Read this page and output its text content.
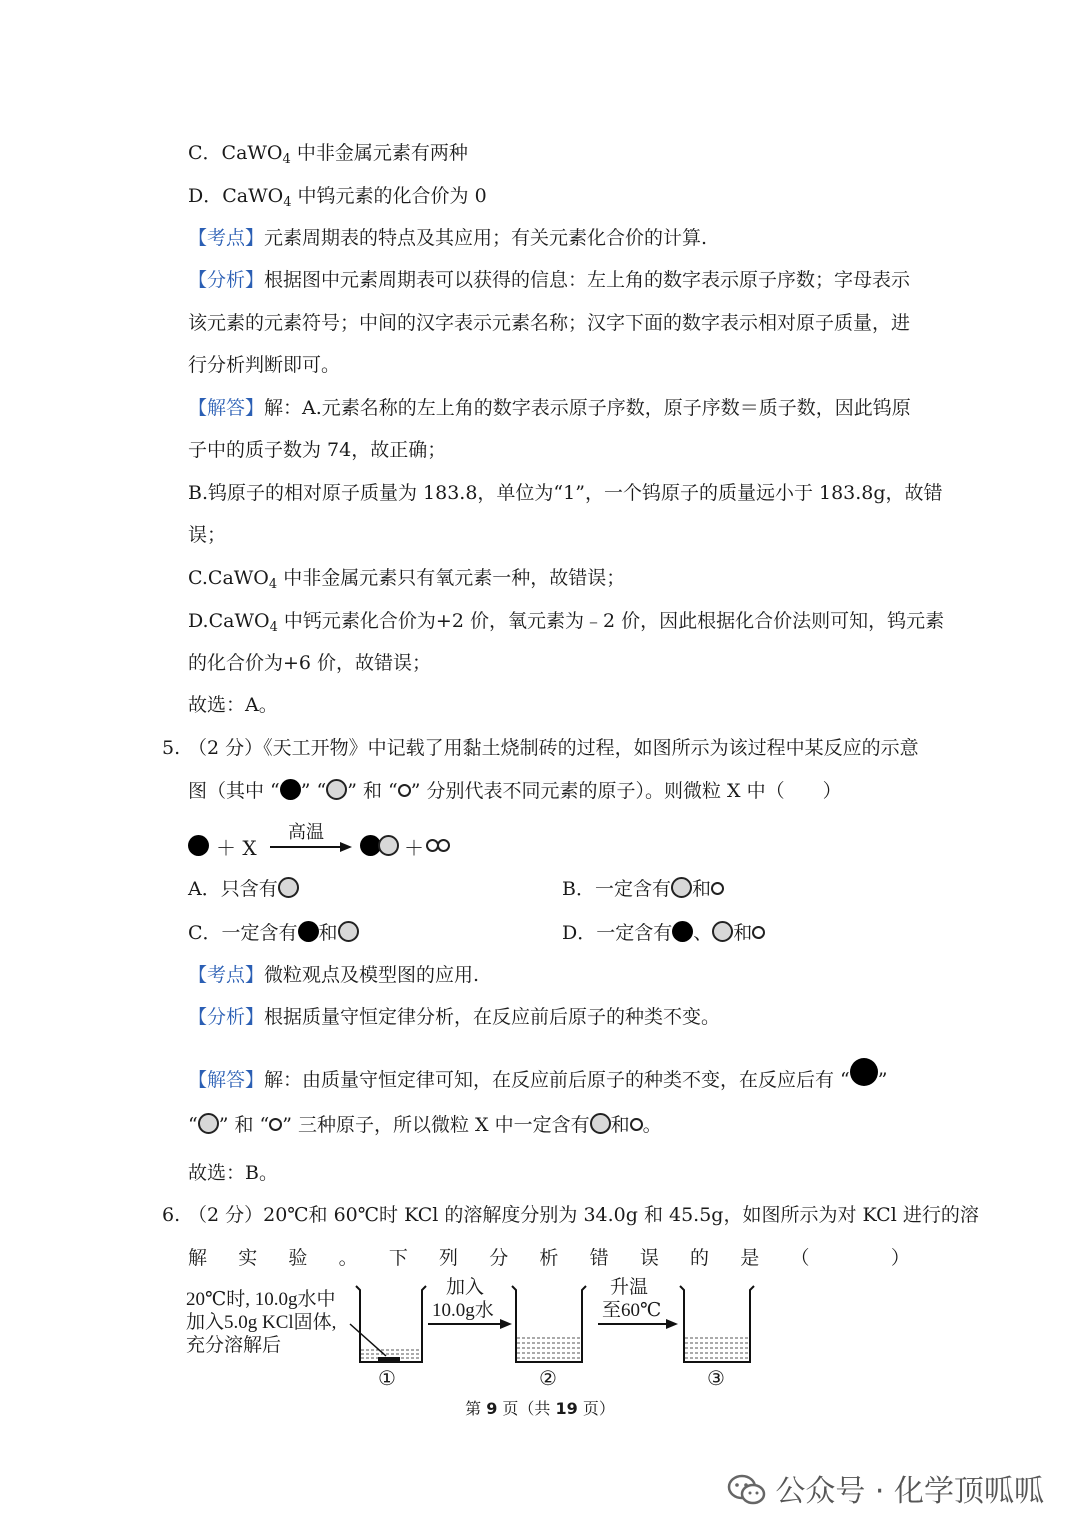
C．CaWO$_4$ 中非金属元素有两种
D．CaWO$_4$ 中钨元素的化合价为 0
【考点】元素周期表的特点及其应用；有关元素化合价的计算.
【分析】根据图中元素周期表可以获得的信息：左上角的数字表示原子序数；字母表示
该元素的元素符号；中间的汉字表示元素名称；汉字下面的数字表示相对原子质量，进
行分析判断即可。
【解答】解：A.元素名称的左上角的数字表示原子序数，原子序数＝质子数，因此钨原
子中的质子数为 74，故正确；
B.钨原子的相对原子质量为 183.8，单位为“1”，一个钨原子的质量远小于 183.8g，故错
误；
C.CaWO$_4$ 中非金属元素只有氧元素一种，故错误；
D.CaWO$_4$ 中钙元素化合价为+2 价，氧元素为﹣2 价，因此根据化合价法则可知，钨元素
的化合价为+6 价，故错误；
故选：A。
5. （2 分）《天工开物》中记载了用黏土烧制砖的过程，如图所示为该过程中某反应的示意
图（其中 “ ” “ ” 和 “ ” 分别代表不同元素的原子）。则微粒 X 中（　　）
＋ X
高温
＋
A．只含有	B．一定含有 和
C．一定含有 和	D．一定含有 、 和
【考点】微粒观点及模型图的应用.
【分析】根据质量守恒定律分析，在反应前后原子的种类不变。
【解答】解：由质量守恒定律可知，在反应前后原子的种类不变，在反应后有 “ ”
“ ” 和 “ ” 三种原子，所以微粒 X 中一定含有 和 。
故选：B。
6. （2 分）20℃和 60℃时 KCl 的溶解度分别为 34.0g 和 45.5g，如图所示为对 KCl 进行的溶
解 实 验 。 下 列 分 析 错 误 的 是 （
　	）
20℃时, 10.0g水中
加入5.0g KCl固体,
充分溶解后
加入
10.0g水
升温
至60℃
①	②	③
第 9 页（共 19 页）
公众号 · 化学顶呱呱
